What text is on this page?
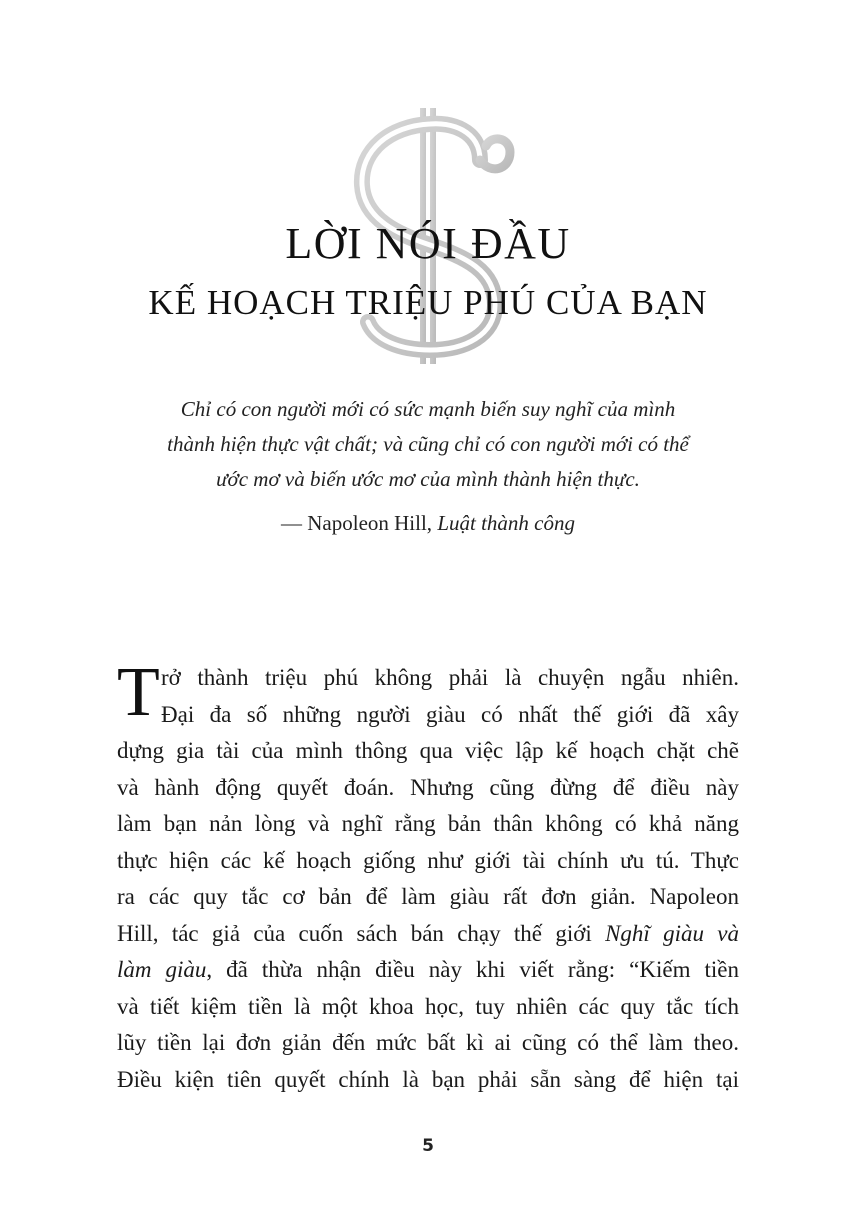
LỜI NÓI ĐẦU
KẾ HOẠCH TRIỆU PHÚ CỦA BẠN
Chỉ có con người mới có sức mạnh biến suy nghĩ của mình
thành hiện thực vật chất; và cũng chỉ có con người mới có thể
ước mơ và biến ước mơ của mình thành hiện thực.
— Napoleon Hill, Luật thành công
T rở thành triệu phú không phải là chuyện ngẫu nhiên.
Đại đa số những người giàu có nhất thế giới đã xây
dựng gia tài của mình thông qua việc lập kế hoạch chặt chẽ
và hành động quyết đoán. Nhưng cũng đừng để điều này
làm bạn nản lòng và nghĩ rằng bản thân không có khả năng
thực hiện các kế hoạch giống như giới tài chính ưu tú. Thực
ra các quy tắc cơ bản để làm giàu rất đơn giản. Napoleon
Hill, tác giả của cuốn sách bán chạy thế giới Nghĩ giàu và
làm giàu, đã thừa nhận điều này khi viết rằng: “Kiếm tiền
và tiết kiệm tiền là một khoa học, tuy nhiên các quy tắc tích
lũy tiền lại đơn giản đến mức bất kì ai cũng có thể làm theo.
Điều kiện tiên quyết chính là bạn phải sẵn sàng để hiện tại
5
